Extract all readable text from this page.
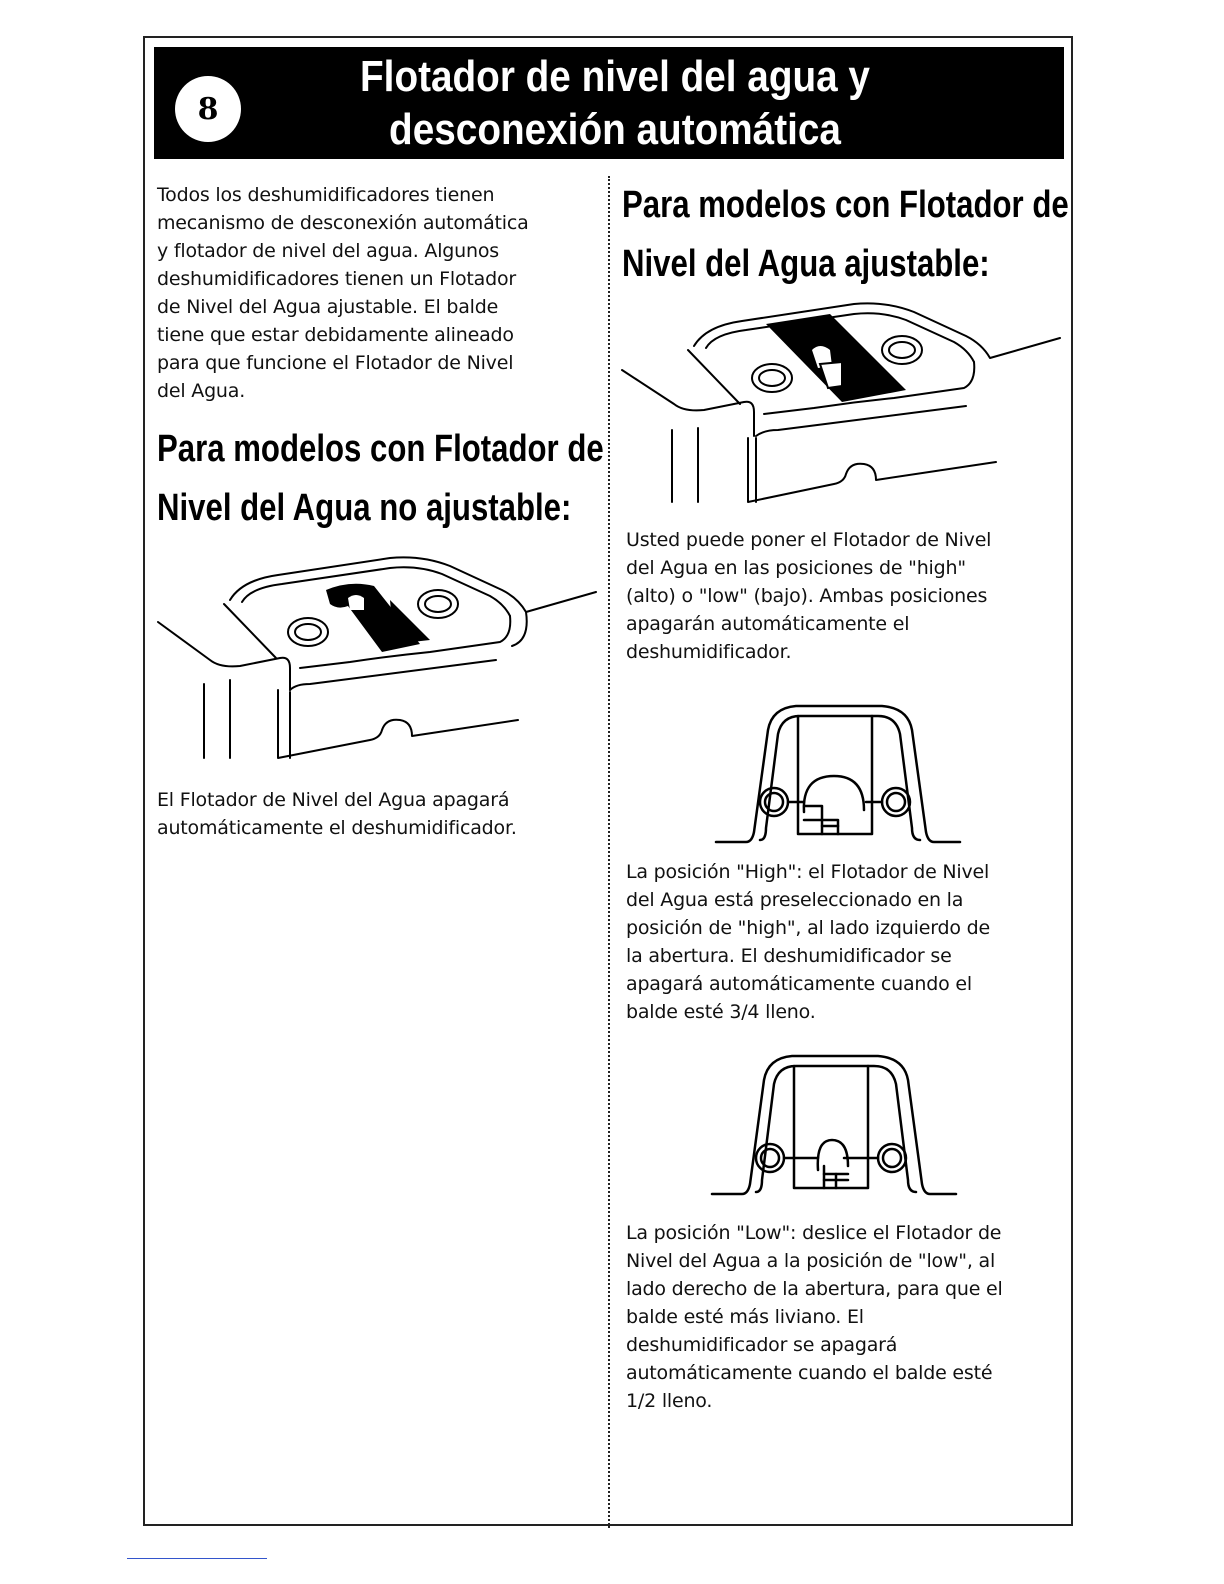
8
Flotador de nivel del agua y
desconexión automática
Todos los deshumidificadores tienen
mecanismo de desconexión automática
y flotador de nivel del agua. Algunos
deshumidificadores tienen un Flotador
de Nivel del Agua ajustable. El balde
tiene que estar debidamente alineado
para que funcione el Flotador de Nivel
del Agua.
Para modelos con Flotador de
Nivel del Agua no ajustable:
El Flotador de Nivel del Agua apagará
automáticamente el deshumidificador.
Para modelos con Flotador de
Nivel del Agua ajustable:
Usted puede poner el Flotador de Nivel
del Agua en las posiciones de "high"
(alto) o "low" (bajo). Ambas posiciones
apagarán automáticamente el
deshumidificador.
La posición "High": el Flotador de Nivel
del Agua está preseleccionado en la
posición de "high", al lado izquierdo de
la abertura. El deshumidificador se
apagará automáticamente cuando el
balde esté 3/4 lleno.
La posición "Low": deslice el Flotador de
Nivel del Agua a la posición de "low", al
lado derecho de la abertura, para que el
balde esté más liviano. El
deshumidificador se apagará
automáticamente cuando el balde esté
1/2 lleno.
